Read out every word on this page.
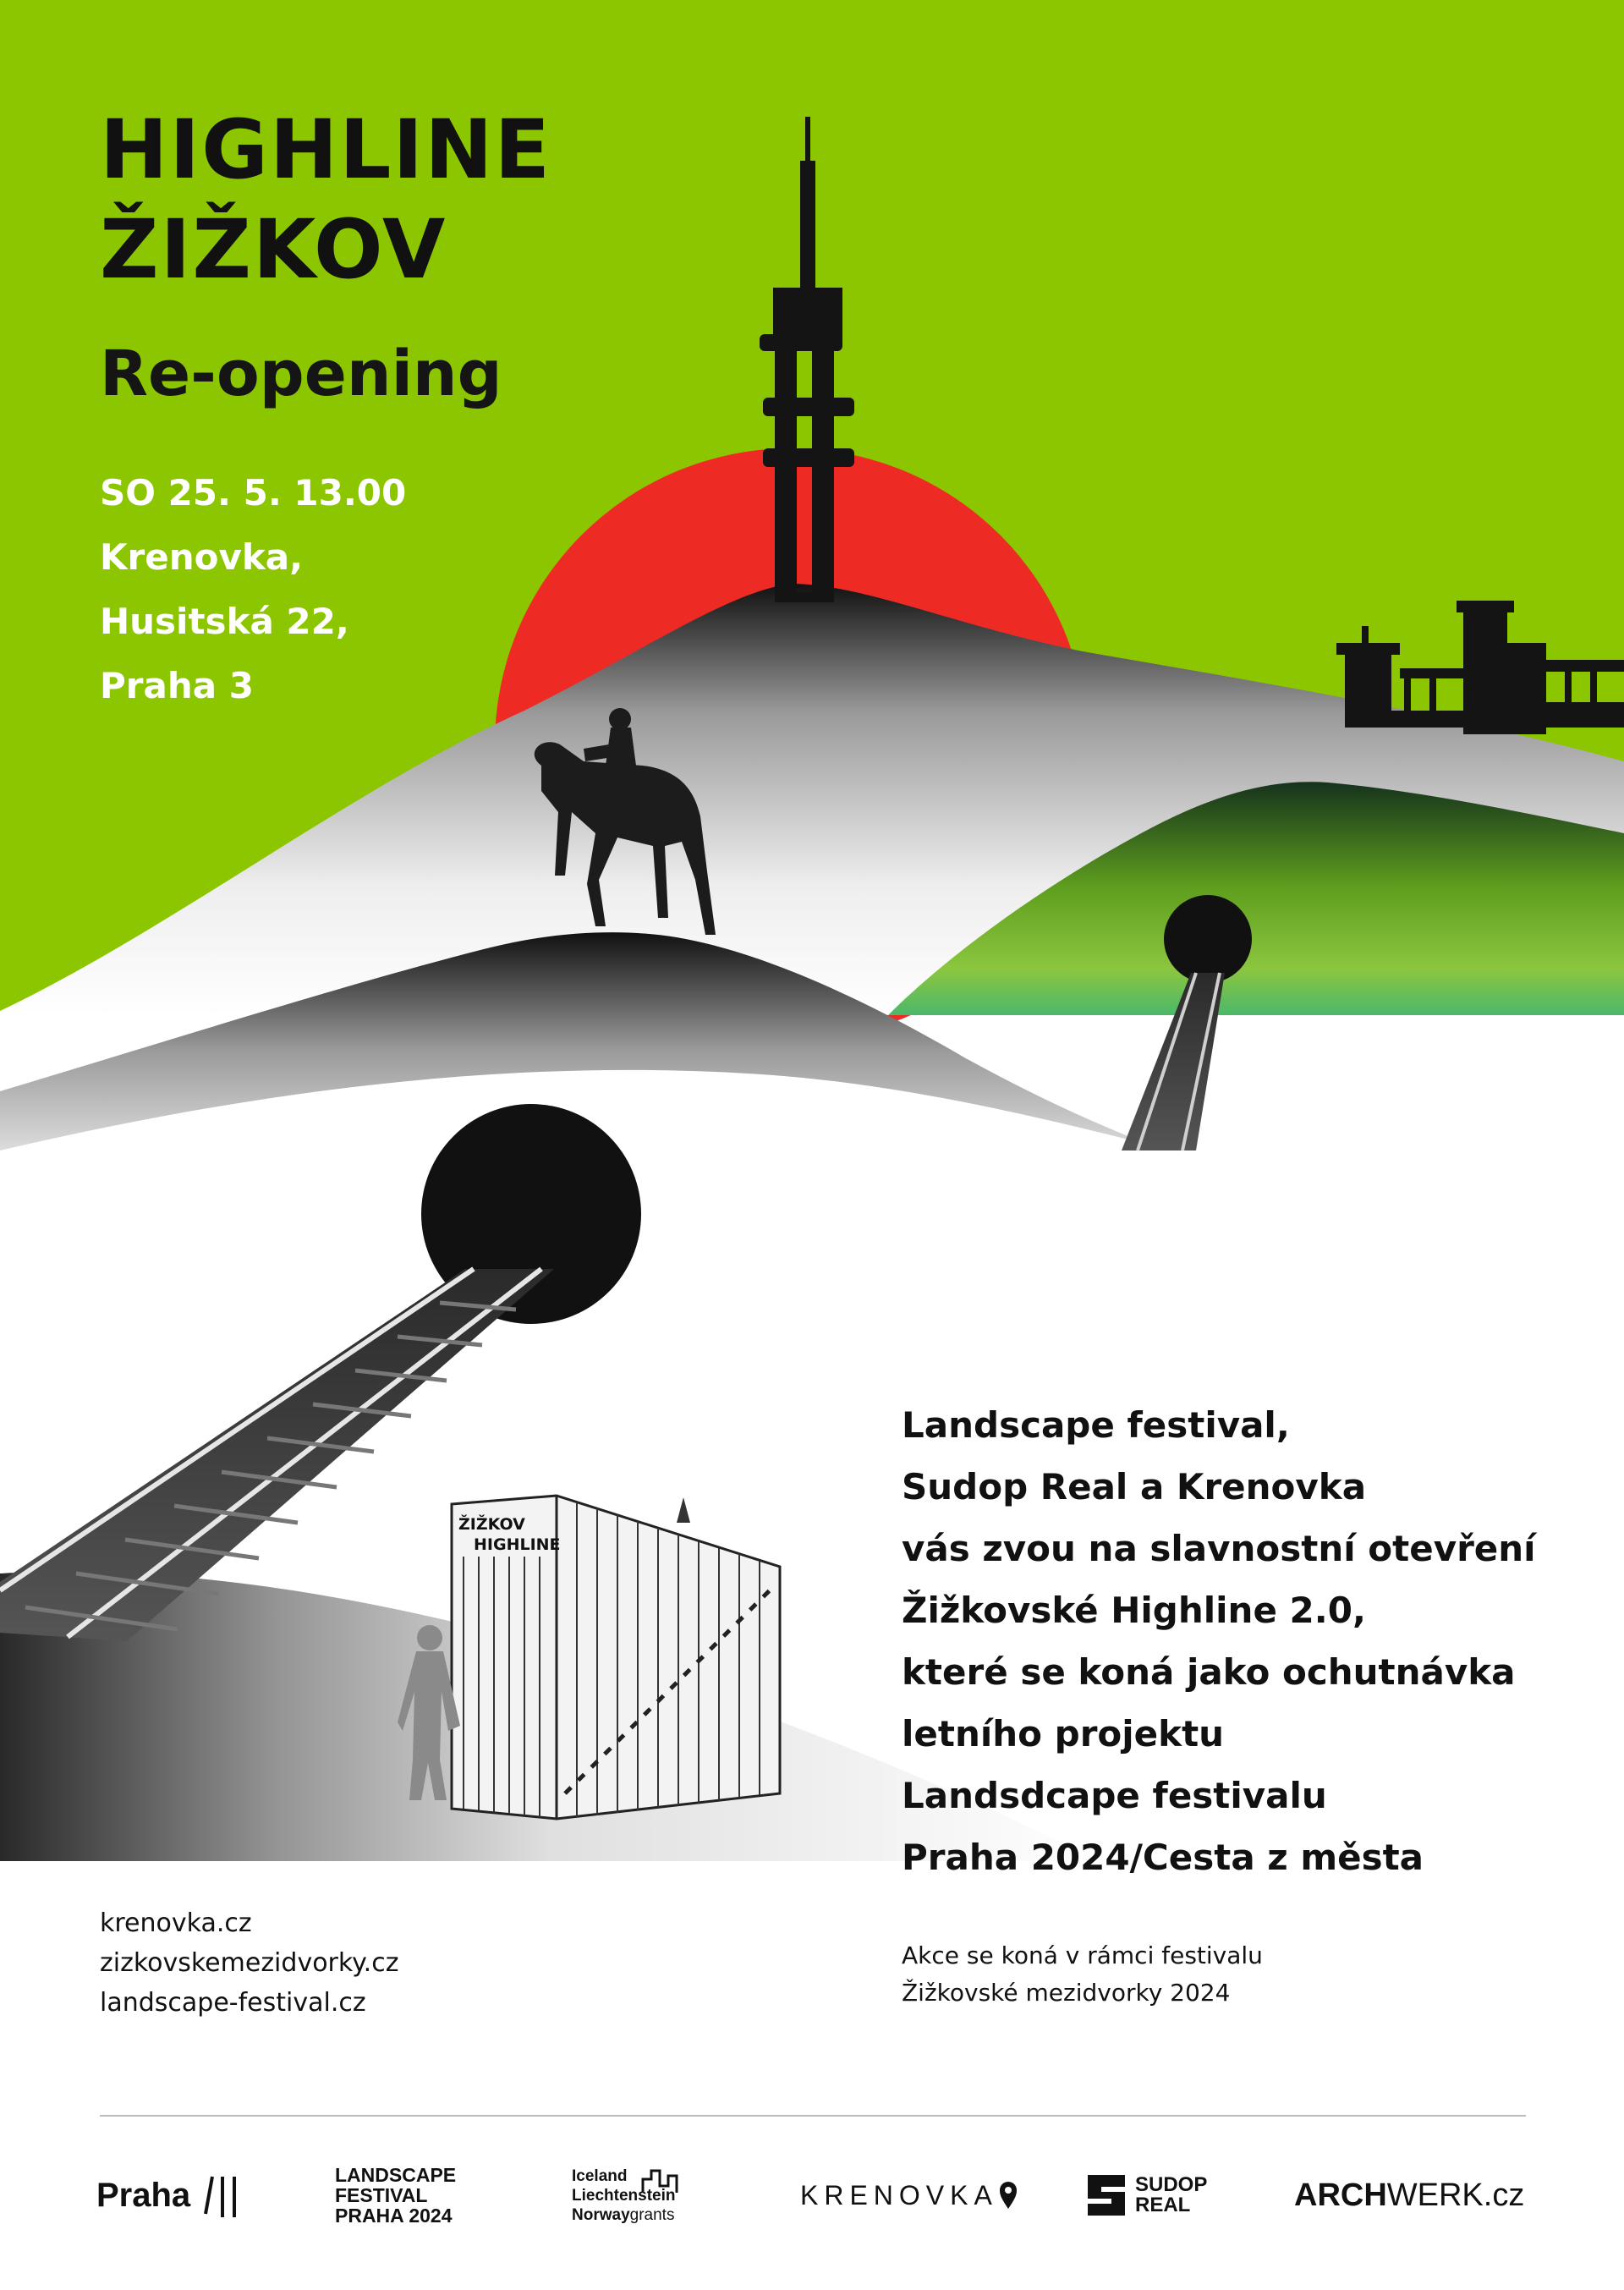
ŽIŽKOV
HIGHLINE
HIGHLINE
ŽIŽKOV
Re-opening
SO 25. 5. 13.00
Krenovka,
Husitská 22,
Praha 3
Landscape festival,
Sudop Real a Krenovka
vás zvou na slavnostní otevření
Žižkovské Highline 2.0,
které se koná jako ochutnávka
letního projektu
Landsdcape festivalu
Praha 2024/Cesta z města
krenovka.cz
zizkovskemezidvorky.cz
landscape-festival.cz
Akce se koná v rámci festivalu
Žižkovské mezidvorky 2024
Praha
LANDSCAPE
FESTIVAL
PRAHA 2024
Iceland
Liechtenstein
Norwaygrants
KRENOVKA	SUDOP
REAL	ARCH WERK .cz
